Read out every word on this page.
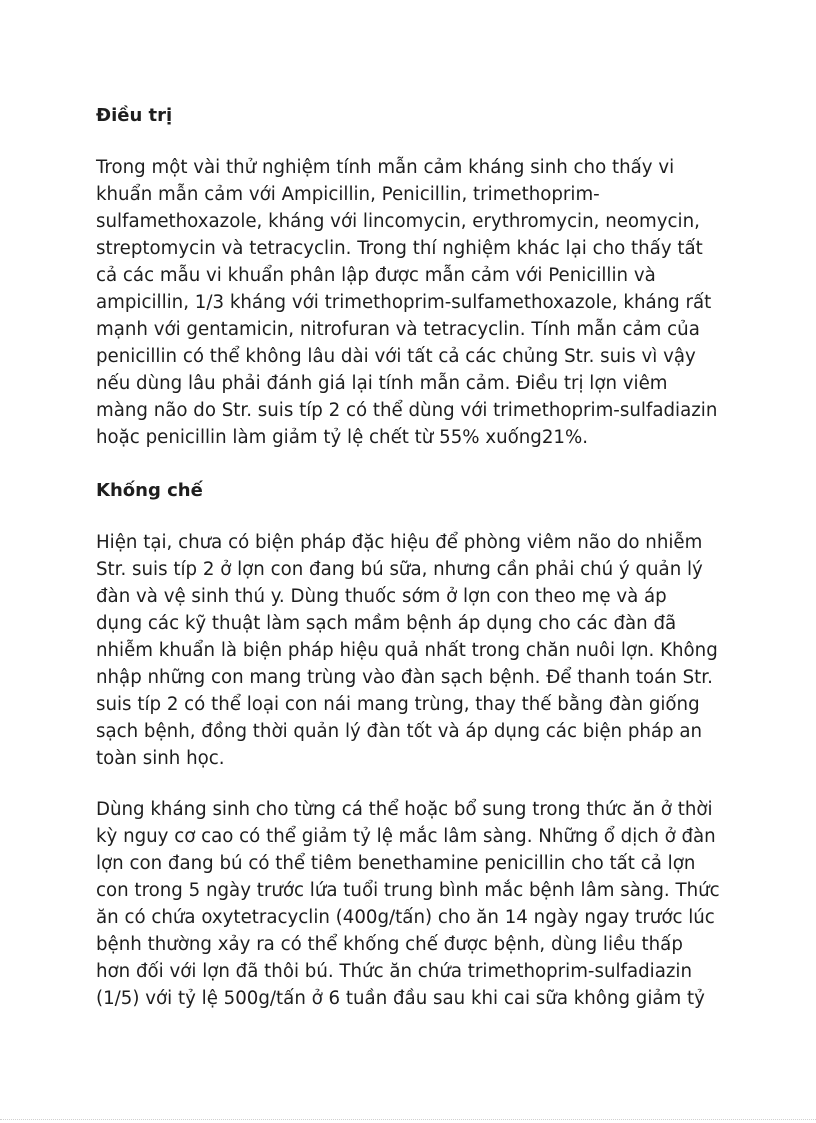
Điều trị

Trong một vài thử nghiệm tính mẫn cảm kháng sinh cho thấy vi
khuẩn mẫn cảm với Ampicillin, Penicillin, trimethoprim-
sulfamethoxazole, kháng với lincomycin, erythromycin, neomycin,
streptomycin và tetracyclin. Trong thí nghiệm khác lại cho thấy tất
cả các mẫu vi khuẩn phân lập được mẫn cảm với Penicillin và
ampicillin, 1/3 kháng với trimethoprim-sulfamethoxazole, kháng rất
mạnh với gentamicin, nitrofuran và tetracyclin. Tính mẫn cảm của
penicillin có thể không lâu dài với tất cả các chủng Str. suis vì vậy
nếu dùng lâu phải đánh giá lại tính mẫn cảm. Điều trị lợn viêm
màng não do Str. suis típ 2 có thể dùng với trimethoprim-sulfadiazin
hoặc penicillin làm giảm tỷ lệ chết từ 55% xuống21%.

Khống chế

Hiện tại, chưa có biện pháp đặc hiệu để phòng viêm não do nhiễm
Str. suis típ 2 ở lợn con đang bú sữa, nhưng cần phải chú ý quản lý
đàn và vệ sinh thú y. Dùng thuốc sớm ở lợn con theo mẹ và áp
dụng các kỹ thuật làm sạch mầm bệnh áp dụng cho các đàn đã
nhiễm khuẩn là biện pháp hiệu quả nhất trong chăn nuôi lợn. Không
nhập những con mang trùng vào đàn sạch bệnh. Để thanh toán Str.
suis típ 2 có thể loại con nái mang trùng, thay thế bằng đàn giống
sạch bệnh, đồng thời quản lý đàn tốt và áp dụng các biện pháp an
toàn sinh học.

Dùng kháng sinh cho từng cá thể hoặc bổ sung trong thức ăn ở thời
kỳ nguy cơ cao có thể giảm tỷ lệ mắc lâm sàng. Những ổ dịch ở đàn
lợn con đang bú có thể tiêm benethamine penicillin cho tất cả lợn
con trong 5 ngày trước lứa tuổi trung bình mắc bệnh lâm sàng. Thức
ăn có chứa oxytetracyclin (400g/tấn) cho ăn 14 ngày ngay trước lúc
bệnh thường xảy ra có thể khống chế được bệnh, dùng liều thấp
hơn đối với lợn đã thôi bú. Thức ăn chứa trimethoprim-sulfadiazin
(1/5) với tỷ lệ 500g/tấn ở 6 tuần đầu sau khi cai sữa không giảm tỷ
